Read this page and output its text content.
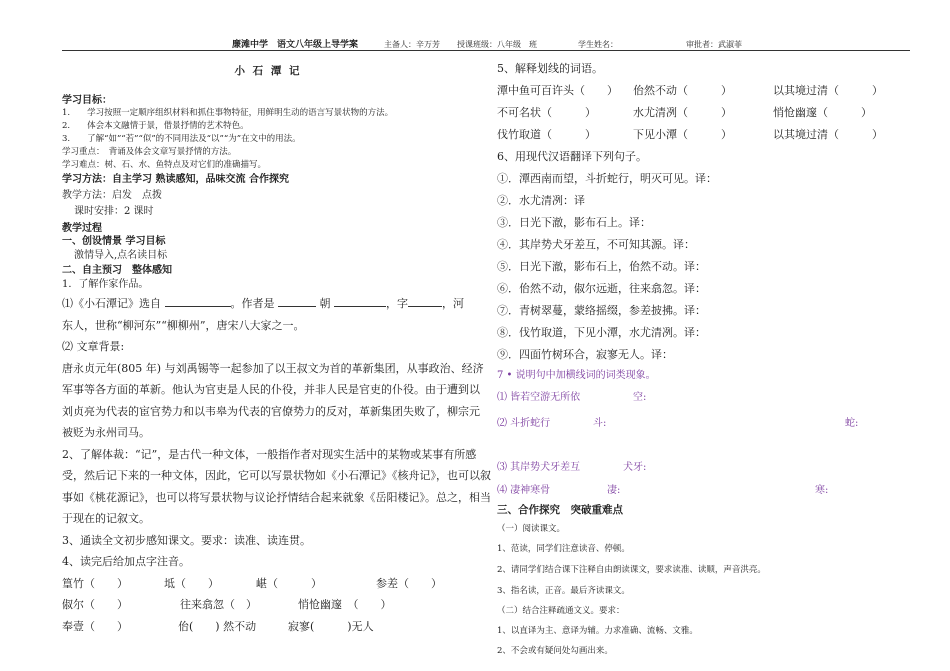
廉滩中学　语文八年级上导学案	主备人：辛万芳 授课班级：八年级　班	学生姓名：	审批者：武淑菲
小 石 潭 记
学习目标：
1.　　学习按照一定顺序组织材料和抓住事物特征，用鲜明生动的语言写景状物的方法。
2.　　体会本文融情于景，借景抒情的艺术特色。
3.　　了解“如”“若”“似”的不同用法及“以”“为”在文中的用法。
学习重点：　背诵及体会文章写景抒情的方法。
学习难点：树、石、水、鱼特点及对它们的准确描写。
学习方法：自主学习 熟读感知，品味交流 合作探究
教学方法：启发　点拨
课时安排：2 课时
教学过程
一、创设情景 学习目标
激情导入,点名读目标
二、自主预习　整体感知
1．了解作家作品。
⑴《小石潭记》选自	。作者是	朝	，字	，河
东人，世称“柳河东”“柳柳州”，唐宋八大家之一。
⑵ 文章背景:
唐永贞元年(805 年) 与刘禹锡等一起参加了以王叔文为首的革新集团，从事政治、经济
军事等各方面的革新。他认为官吏是人民的仆役，并非人民是官吏的仆役。由于遭到以
刘贞亮为代表的宦官势力和以韦皋为代表的官僚势力的反对，革新集团失败了，柳宗元
被贬为永州司马。
2、了解体裁：“记”，是古代一种文体，一般指作者对现实生活中的某物或某事有所感
受，然后记下来的一种文体，因此，它可以写景状物如《小石潭记》《核舟记》，也可以叙
事如《桃花源记》，也可以将写景状物与议论抒情结合起来就象《岳阳楼记》。总之，相当
于现在的记叙文。
3、通读全文初步感知课文。要求：读准、读连贯。
4、读完后给加点字注音。
篁竹（　　）	坻（　　）	嵁（　　　）	参差（　　）
俶尔（　　）	往来翕忽（　）	悄怆幽邃　（　　）
奉壹（　　）	佁(　　) 然不动	寂寥(　　　)无人
5、解释划线的词语。
潭中鱼可百许头（　　） 佁然不动（　　　）	以其境过清（　　　）
不可名状（　　　）	水尤清冽（　　　）	悄怆幽邃（　　　）
伐竹取道（　　　）	下见小潭（　　　）	以其境过清（　　　）
6、用现代汉语翻译下列句子。
①．潭西南而望，斗折蛇行，明灭可见。译：
②．水尤清冽：译
③．日光下澈，影布石上。译：
④．其岸势犬牙差互，不可知其源。译：
⑤．日光下澈，影布石上，佁然不动。译：
⑥．佁然不动，俶尔远逝，往来翕忽。译：
⑦．青树翠蔓，蒙络摇缀，参差披拂。译：
⑧．伐竹取道，下见小潭，水尤清冽。译：
⑨．四面竹树环合，寂寥无人。译：
7 • 说明句中加横线词的词类现象。
⑴ 皆若空游无所依	空:
⑵ 斗折蛇行	斗:	蛇:
⑶ 其岸势犬牙差互	犬牙:
⑷ 凄神寒骨	凄:	寒:
三、合作探究　突破重难点
（一）阅读课文。
1、范读，同学们注意读音、停顿。
2、请同学们结合课下注释自由朗读课文，要求读准、读顺，声音洪亮。
3、指名读，正音。最后齐读课文。
（二）结合注释疏通文义。要求：
1、以直译为主、意译为辅。力求准确、流畅、文雅。
2、不会或有疑问处勾画出来。
